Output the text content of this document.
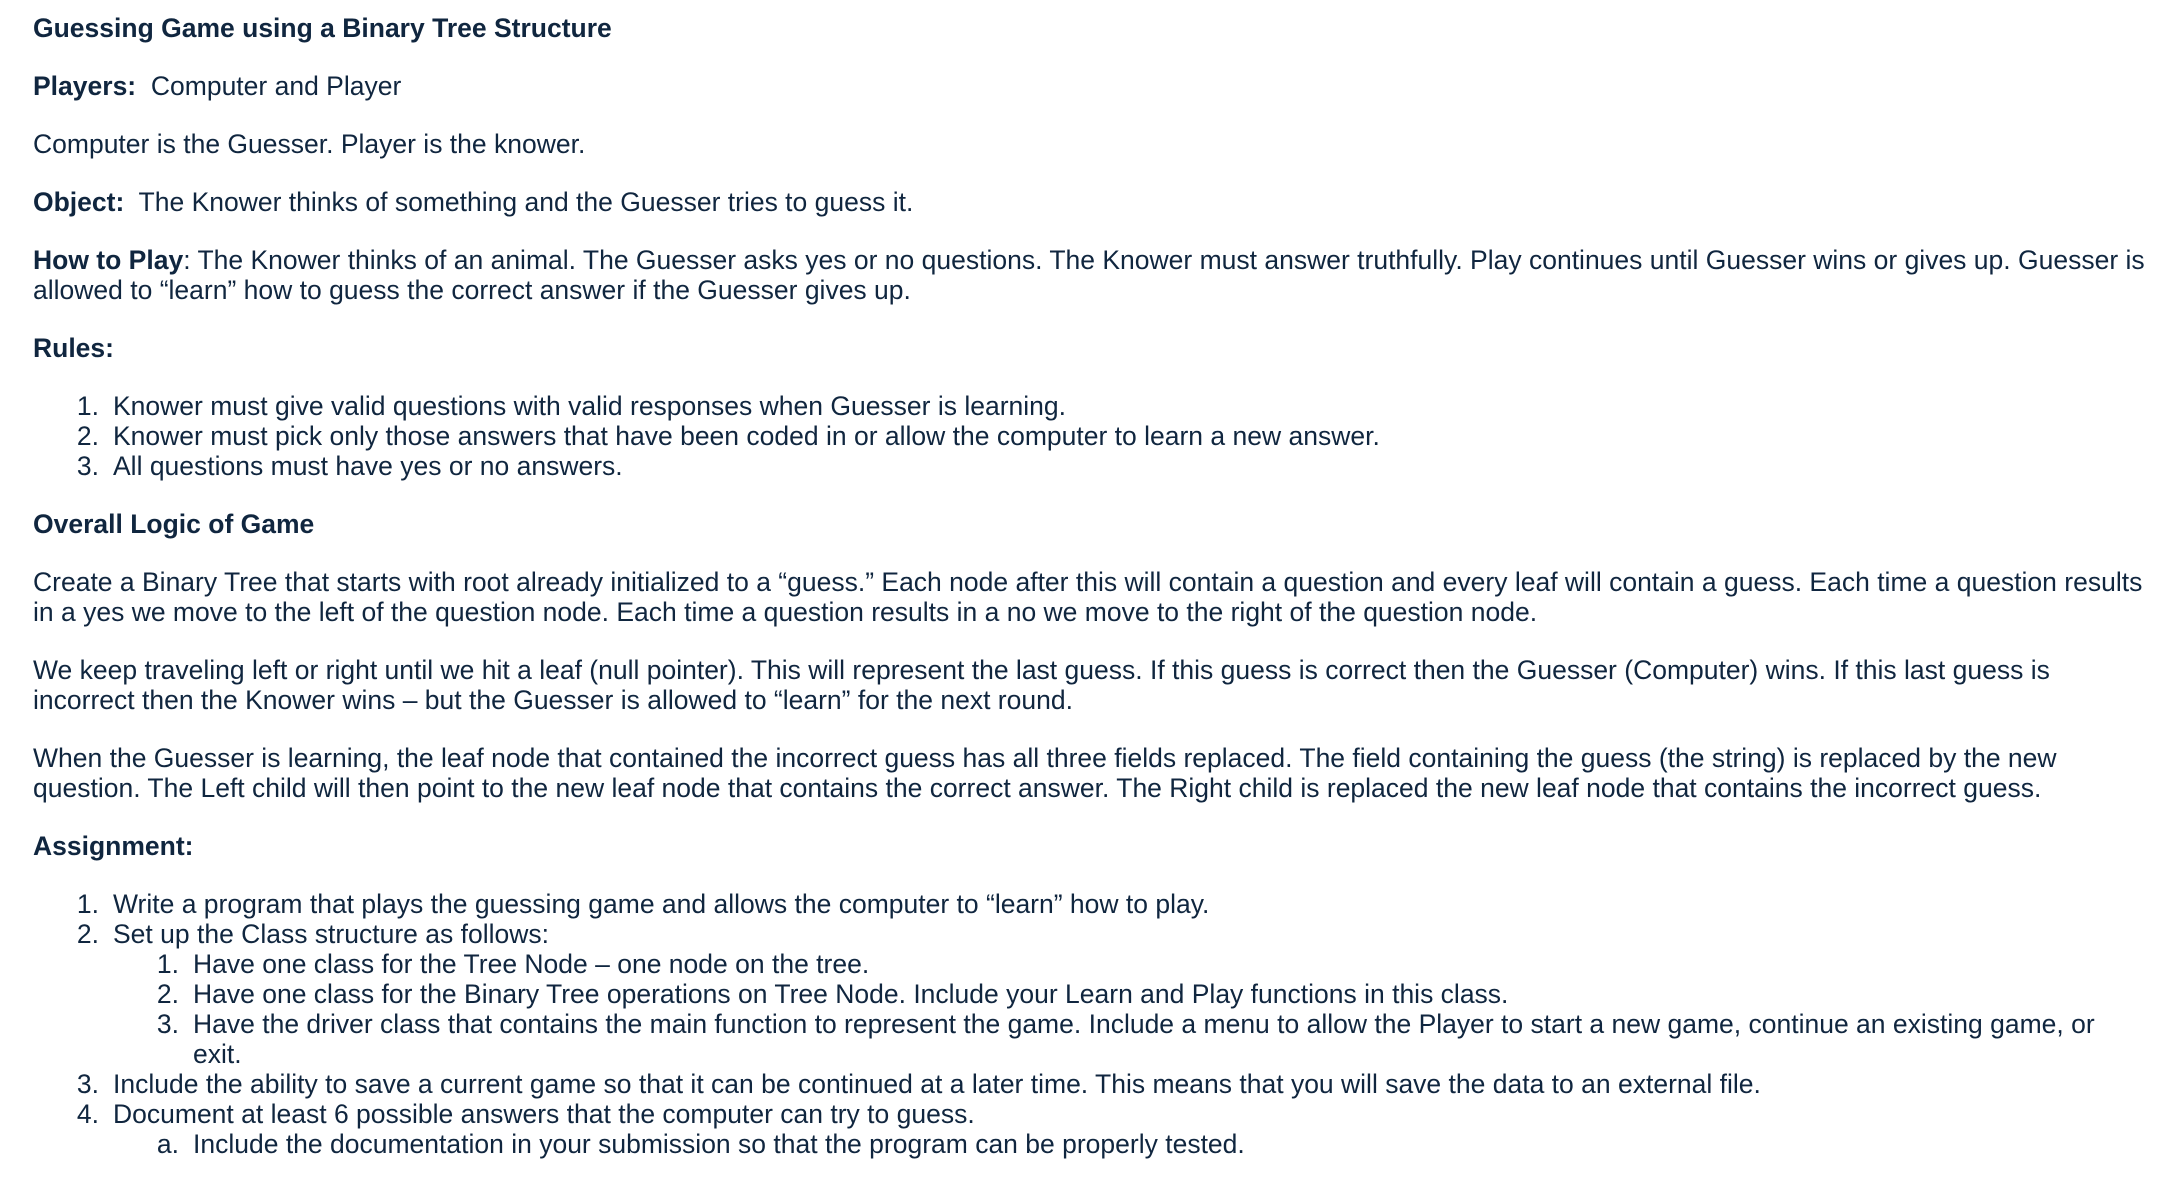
Guessing Game using a Binary Tree Structure
Players: Computer and Player
Computer is the Guesser. Player is the knower.
Object: The Knower thinks of something and the Guesser tries to guess it.
How to Play: The Knower thinks of an animal. The Guesser asks yes or no questions. The Knower must answer truthfully. Play continues until Guesser wins or gives up. Guesser is allowed to “learn” how to guess the correct answer if the Guesser gives up.
Rules:
1. Knower must give valid questions with valid responses when Guesser is learning.
2. Knower must pick only those answers that have been coded in or allow the computer to learn a new answer.
3. All questions must have yes or no answers.
Overall Logic of Game
Create a Binary Tree that starts with root already initialized to a “guess.” Each node after this will contain a question and every leaf will contain a guess. Each time a question results in a yes we move to the left of the question node. Each time a question results in a no we move to the right of the question node.
We keep traveling left or right until we hit a leaf (null pointer). This will represent the last guess. If this guess is correct then the Guesser (Computer) wins. If this last guess is incorrect then the Knower wins – but the Guesser is allowed to “learn” for the next round.
When the Guesser is learning, the leaf node that contained the incorrect guess has all three fields replaced. The field containing the guess (the string) is replaced by the new question. The Left child will then point to the new leaf node that contains the correct answer. The Right child is replaced the new leaf node that contains the incorrect guess.
Assignment:
1. Write a program that plays the guessing game and allows the computer to “learn” how to play.
2. Set up the Class structure as follows:
1. Have one class for the Tree Node – one node on the tree.
2. Have one class for the Binary Tree operations on Tree Node. Include your Learn and Play functions in this class.
3. Have the driver class that contains the main function to represent the game. Include a menu to allow the Player to start a new game, continue an existing game, or exit.
3. Include the ability to save a current game so that it can be continued at a later time. This means that you will save the data to an external file.
4. Document at least 6 possible answers that the computer can try to guess.
a. Include the documentation in your submission so that the program can be properly tested.
